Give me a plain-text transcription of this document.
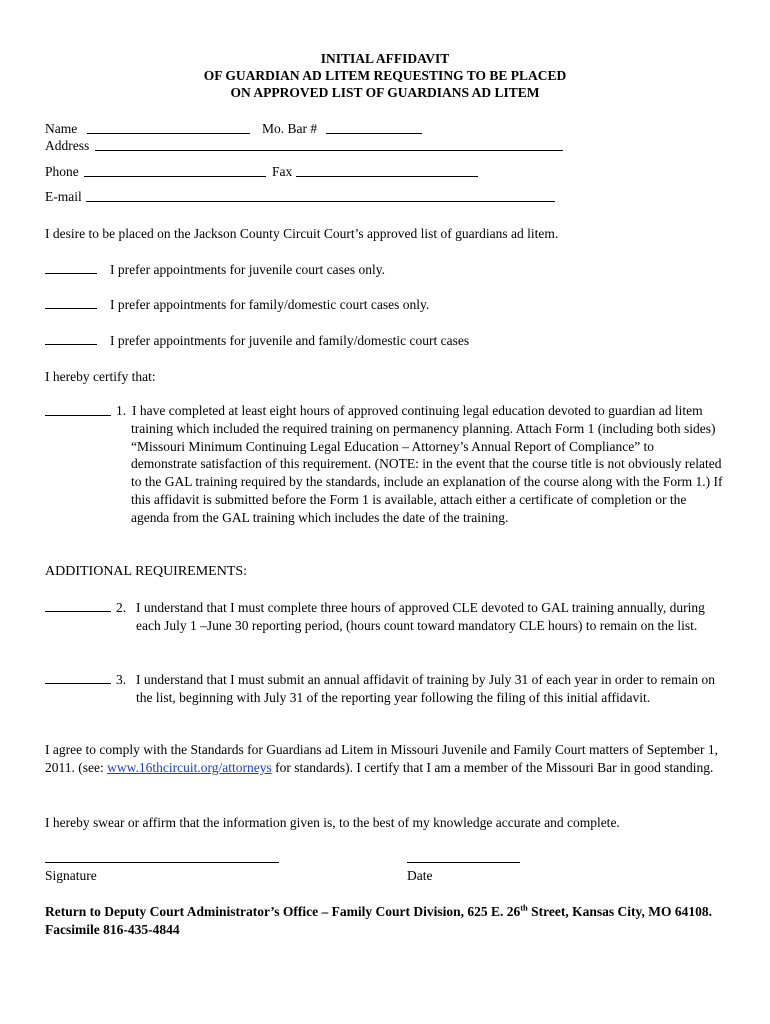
INITIAL AFFIDAVIT
OF GUARDIAN AD LITEM REQUESTING TO BE PLACED
ON APPROVED LIST OF GUARDIANS AD LITEM
Name	Mo. Bar #
Address
Phone	Fax
E-mail
I desire to be placed on the Jackson County Circuit Court’s approved list of guardians ad litem.
I prefer appointments for juvenile court cases only.
I prefer appointments for family/domestic court cases only.
I prefer appointments for juvenile and family/domestic court cases
I hereby certify that:
1. I have completed at least eight hours of approved continuing legal education devoted to guardian ad litem training which included the required training on permanency planning. Attach Form 1 (including both sides) “Missouri Minimum Continuing Legal Education – Attorney’s Annual Report of Compliance” to demonstrate satisfaction of this requirement. (NOTE: in the event that the course title is not obviously related to the GAL training required by the standards, include an explanation of the course along with the Form 1.) If this affidavit is submitted before the Form 1 is available, attach either a certificate of completion or the agenda from the GAL training which includes the date of the training.
ADDITIONAL REQUIREMENTS:
2. I understand that I must complete three hours of approved CLE devoted to GAL training annually, during each July 1 –June 30 reporting period, (hours count toward mandatory CLE hours) to remain on the list.
3. I understand that I must submit an annual affidavit of training by July 31 of each year in order to remain on the list, beginning with July 31 of the reporting year following the filing of this initial affidavit.
I agree to comply with the Standards for Guardians ad Litem in Missouri Juvenile and Family Court matters of September 1, 2011. (see: www.16thcircuit.org/attorneys for standards). I certify that I am a member of the Missouri Bar in good standing.
I hereby swear or affirm that the information given is, to the best of my knowledge accurate and complete.
Signature	Date
Return to Deputy Court Administrator’s Office – Family Court Division, 625 E. 26th Street, Kansas City, MO 64108. Facsimile 816-435-4844
